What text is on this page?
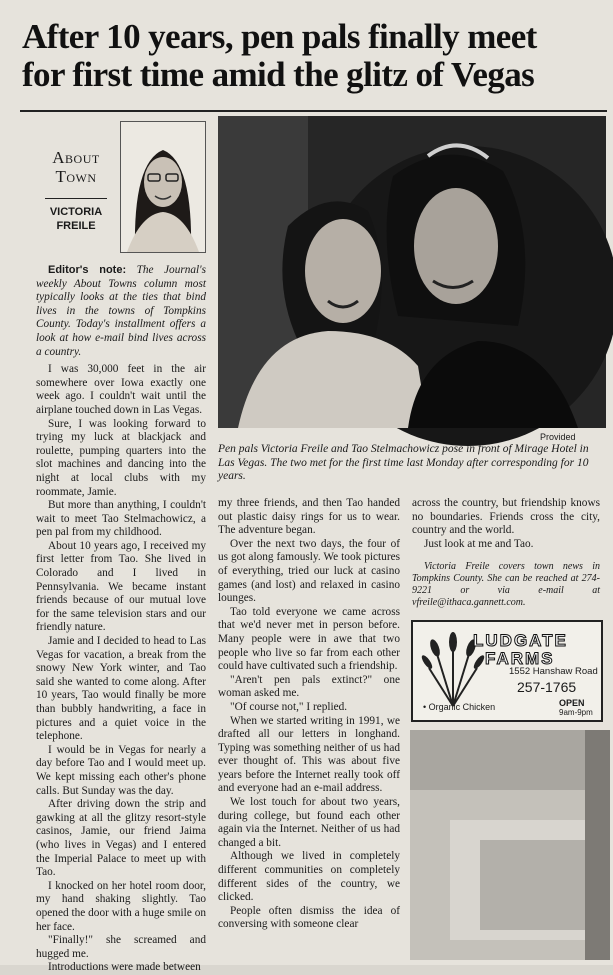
After 10 years, pen pals finally meet
for first time amid the glitz of Vegas
About
Town
VICTORIA
FREILE
Provided
Pen pals Victoria Freile and Tao Stelmachowicz pose in front of Mirage Hotel in Las Vegas. The two met for the first time last Monday after corresponding for 10 years.

Editor's note: The Journal's weekly About Towns column most typically looks at the ties that bind lives in the towns of Tompkins County. Today's installment offers a look at how e-mail bind lives across a country.

I was 30,000 feet in the air somewhere over Iowa exactly one week ago. I couldn't wait until the airplane touched down in Las Vegas.

Sure, I was looking forward to trying my luck at blackjack and roulette, pumping quarters into the slot machines and dancing into the night at local clubs with my roommate, Jamie.

But more than anything, I couldn't wait to meet Tao Stelmachowicz, a pen pal from my childhood.

About 10 years ago, I received my first letter from Tao. She lived in Colorado and I lived in Pennsylvania. We became instant friends because of our mutual love for the same television stars and our friendly nature.

Jamie and I decided to head to Las Vegas for vacation, a break from the snowy New York winter, and Tao said she wanted to come along. After 10 years, Tao would finally be more than bubbly handwriting, a face in pictures and a quiet voice in the telephone.

I would be in Vegas for nearly a day before Tao and I would meet up. We kept missing each other's phone calls. But Sunday was the day.

After driving down the strip and gawking at all the glitzy resort-style casinos, Jamie, our friend Jaima (who lives in Vegas) and I entered the Imperial Palace to meet up with Tao.

I knocked on her hotel room door, my hand shaking slightly. Tao opened the door with a huge smile on her face.

"Finally!" she screamed and hugged me.

Introductions were made between

my three friends, and then Tao handed out plastic daisy rings for us to wear. The adventure began.

Over the next two days, the four of us got along famously. We took pictures of everything, tried our luck at casino games (and lost) and relaxed in casino lounges.

Tao told everyone we came across that we'd never met in person before. Many people were in awe that two people who live so far from each other could have cultivated such a friendship.

"Aren't pen pals extinct?" one woman asked me.

"Of course not," I replied.

When we started writing in 1991, we drafted all our letters in longhand. Typing was something neither of us had ever thought of. This was about five years before the Internet really took off and everyone had an e-mail address.

We lost touch for about two years, during college, but found each other again via the Internet. Neither of us had changed a bit.

Although we lived in completely different communities on completely different sides of the country, we clicked.

People often dismiss the idea of conversing with someone clear

across the country, but friendship knows no boundaries. Friends cross the city, country and the world.

Just look at me and Tao.

Victoria Freile covers town news in Tompkins County. She can be reached at 274-9221 or via e-mail at vfreile@ithaca.gannett.com.

LUDGATE
FARMS
1552 Hanshaw Road
257-1765
• Organic Chicken	OPEN
9am-9pm
